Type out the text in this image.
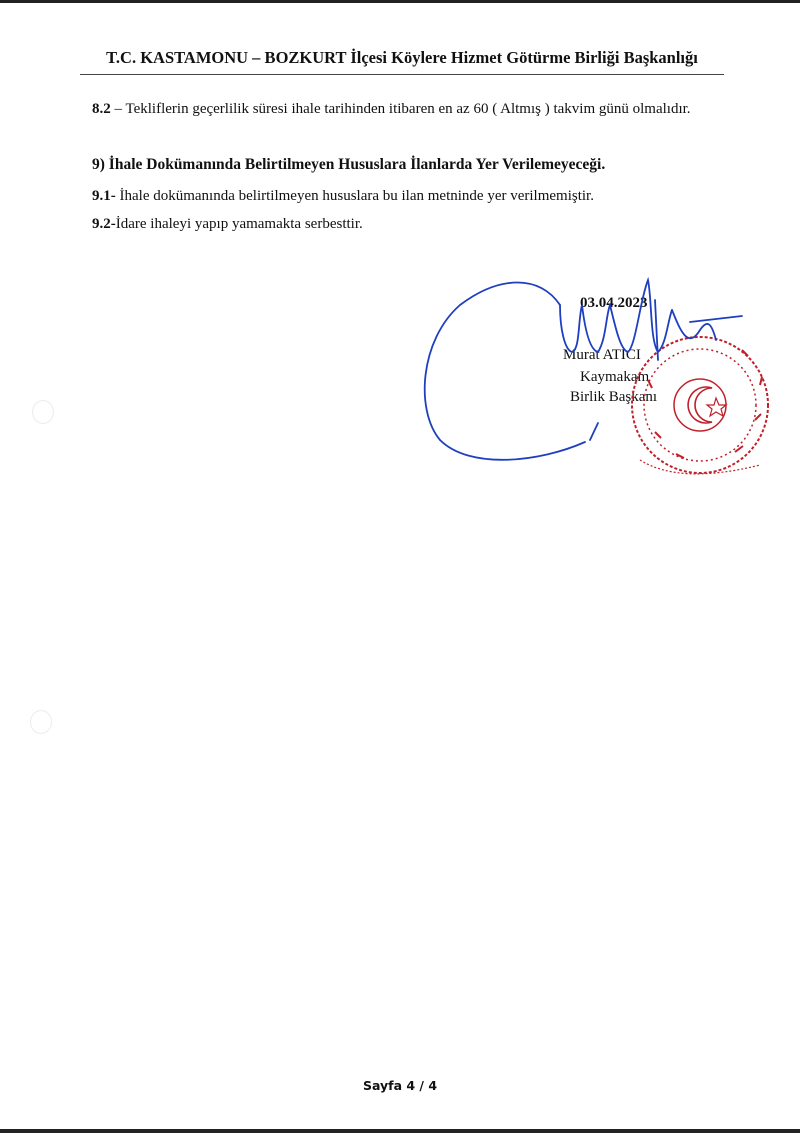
T.C. KASTAMONU – BOZKURT İlçesi Köylere Hizmet Götürme Birliği Başkanlığı
8.2 – Tekliflerin geçerlilik süresi ihale tarihinden itibaren en az 60 ( Altmış ) takvim günü olmalıdır.
9) İhale Dokümanında Belirtilmeyen Hususlara İlanlarda Yer Verilemeyeceği.
9.1- İhale dokümanında belirtilmeyen hususlara bu ilan metninde yer verilmemiştir.
9.2-İdare ihaleyi yapıp yamamakta serbesttir.
03.04.2023
Murat ATICI
Kaymakam
Birlik Başkanı
Sayfa 4 / 4
